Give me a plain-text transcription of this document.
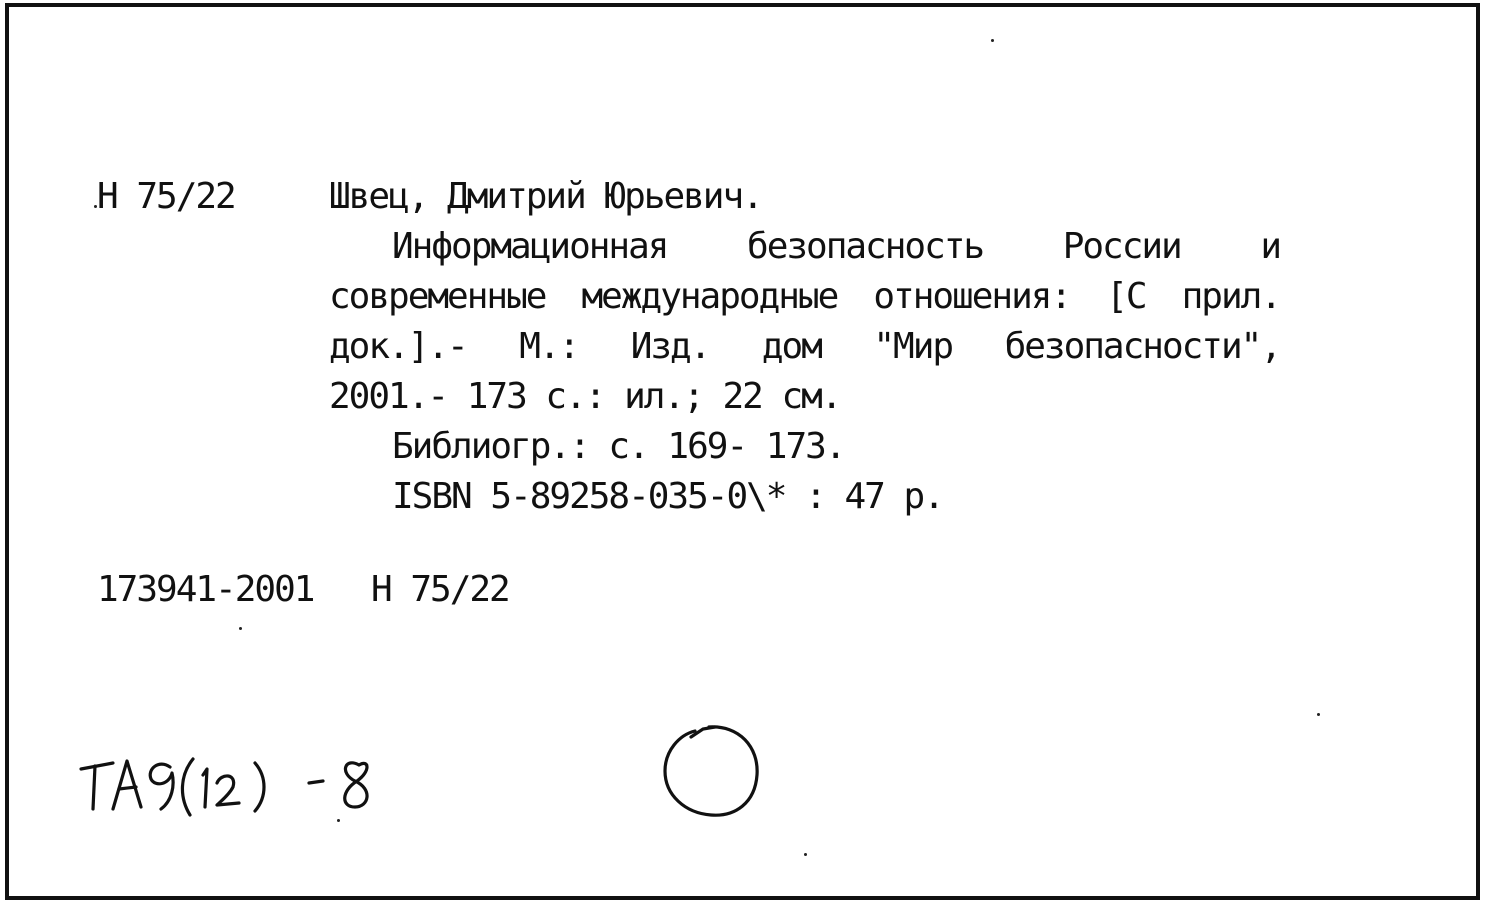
Н 75/22	Швец, Дмитрий Юрьевич.
Информационная безопасность России и
современные международные отношения: [С прил.
док.].- М.: Изд. дом "Мир безопасности",
2001.- 173 с.: ил.; 22 см.
Библиогр.: с. 169- 173.
ISBN 5-89258-035-0\* : 47 р.
173941-2001 Н 75/22
